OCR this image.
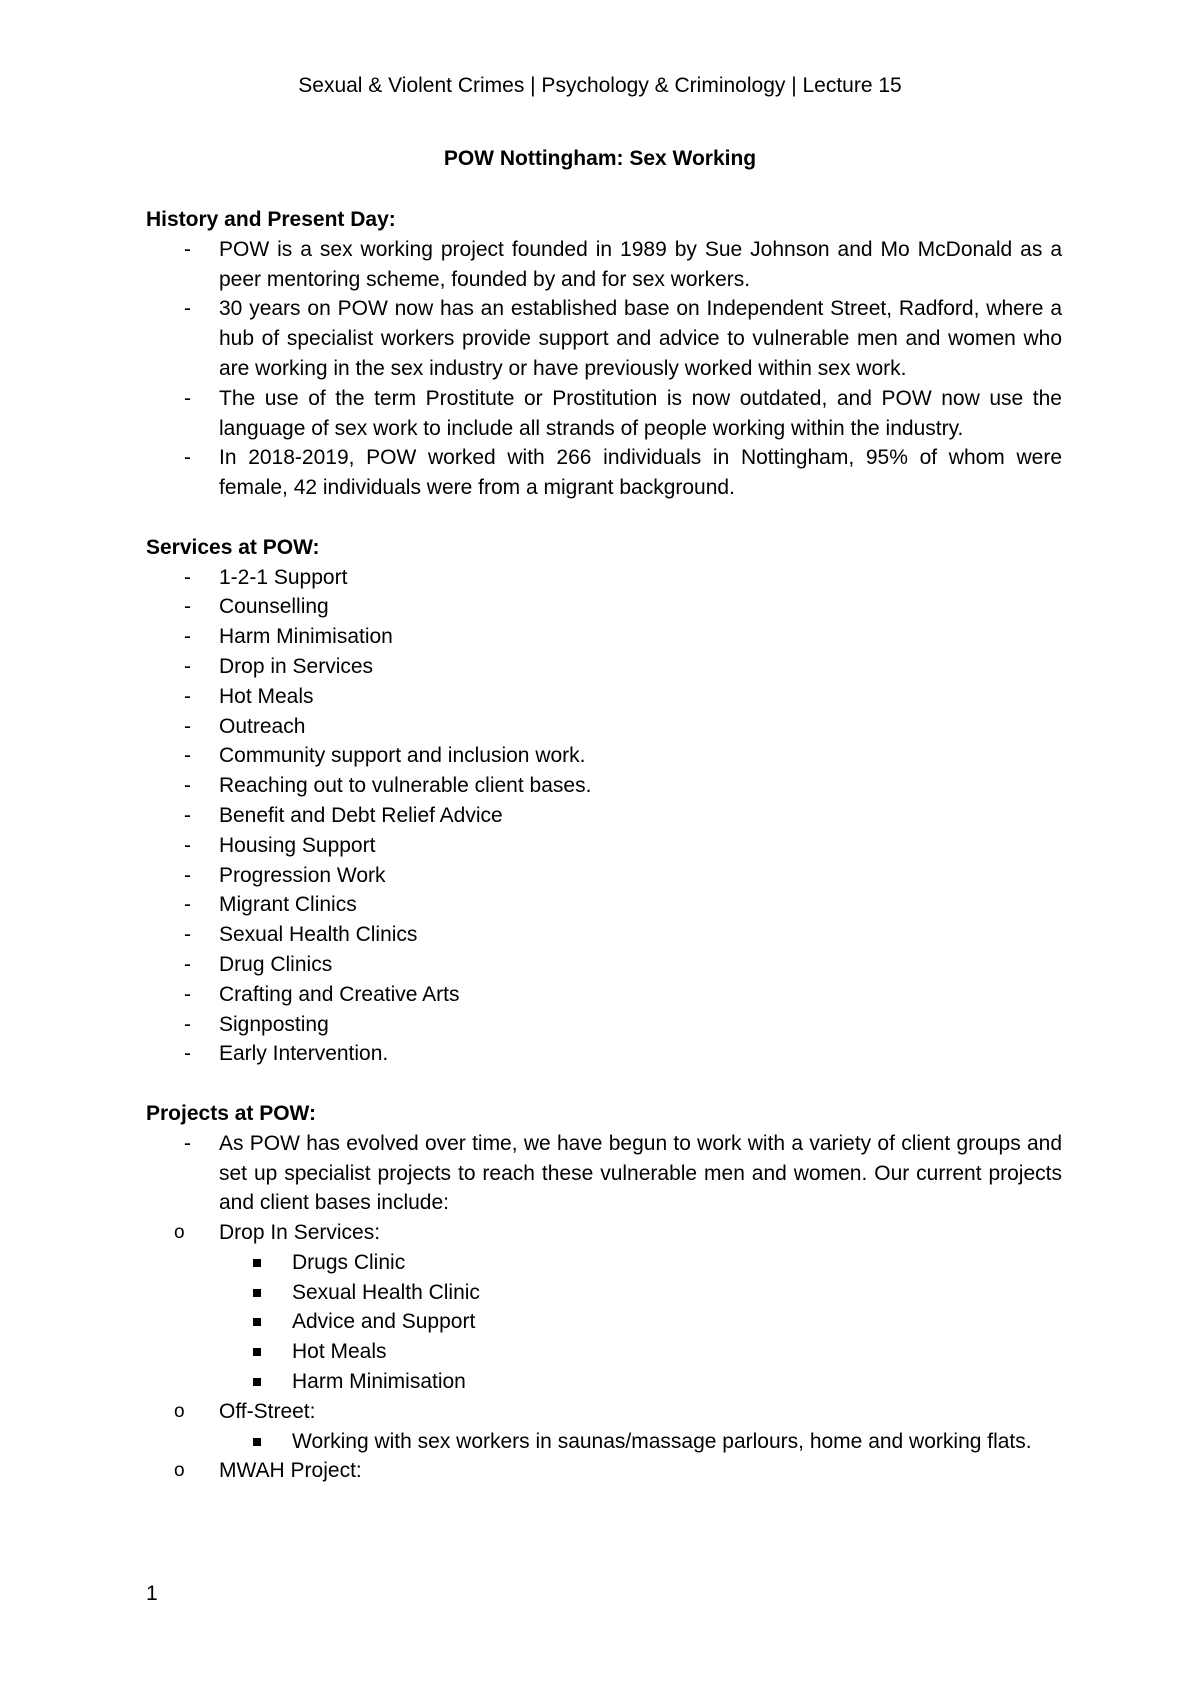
Sexual & Violent Crimes | Psychology & Criminology | Lecture 15
POW Nottingham: Sex Working

History and Present Day:

- POW is a sex working project founded in 1989 by Sue Johnson and Mo McDonald as a peer mentoring scheme, founded by and for sex workers.
- 30 years on POW now has an established base on Independent Street, Radford, where a hub of specialist workers provide support and advice to vulnerable men and women who are working in the sex industry or have previously worked within sex work.
- The use of the term Prostitute or Prostitution is now outdated, and POW now use the language of sex work to include all strands of people working within the industry.
- In 2018-2019, POW worked with 266 individuals in Nottingham, 95% of whom were female, 42 individuals were from a migrant background.

Services at POW:

- 1-2-1 Support
- Counselling
- Harm Minimisation
- Drop in Services
- Hot Meals
- Outreach
- Community support and inclusion work.
- Reaching out to vulnerable client bases.
- Benefit and Debt Relief Advice
- Housing Support
- Progression Work
- Migrant Clinics
- Sexual Health Clinics
- Drug Clinics
- Crafting and Creative Arts
- Signposting
- Early Intervention.

Projects at POW:

- As POW has evolved over time, we have begun to work with a variety of client groups and set up specialist projects to reach these vulnerable men and women. Our current projects and client bases include:
o Drop In Services:
Drugs Clinic
Sexual Health Clinic
Advice and Support
Hot Meals
Harm Minimisation
o Off-Street:
Working with sex workers in saunas/massage parlours, home and working flats.
o MWAH Project:
1
